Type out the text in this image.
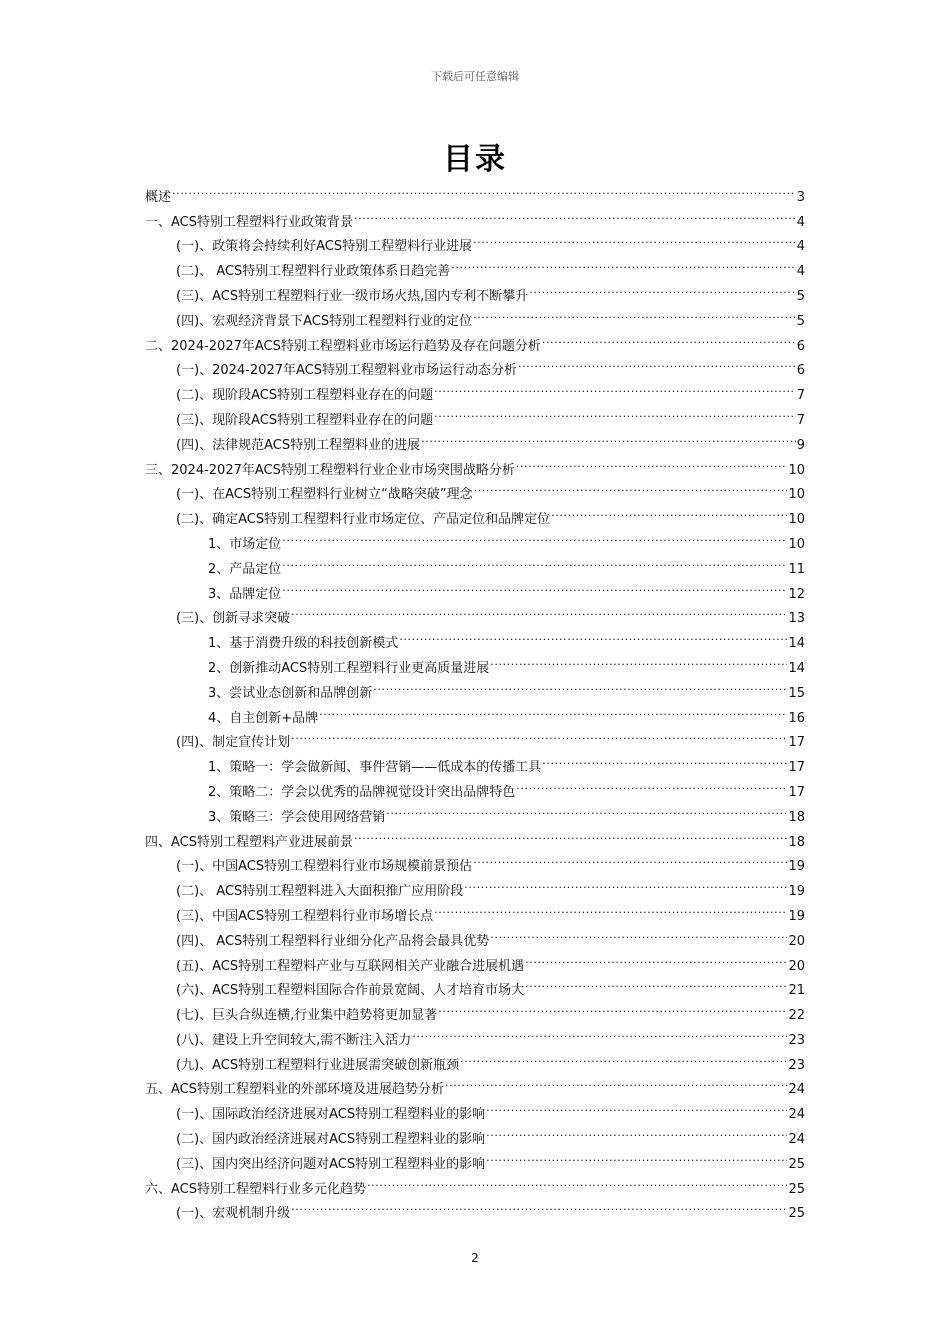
下载后可任意编辑
目录
概述 .....	3
一、ACS特别工程塑料行业政策背景 .....	4
(一)、政策将会持续利好ACS特别工程塑料行业进展 .....	4
(二)、 ACS特别工程塑料行业政策体系日趋完善 .....	4
(三)、ACS特别工程塑料行业一级市场火热,国内专利不断攀升 .....	5
(四)、宏观经济背景下ACS特别工程塑料行业的定位 .....	5
二、2024-2027年ACS特别工程塑料业市场运行趋势及存在问题分析 .....	6
(一)、2024-2027年ACS特别工程塑料业市场运行动态分析 .....	6
(二)、现阶段ACS特别工程塑料业存在的问题 .....	7
(三)、现阶段ACS特别工程塑料业存在的问题 .....	7
(四)、法律规范ACS特别工程塑料业的进展 .....	9
三、2024-2027年ACS特别工程塑料行业企业市场突围战略分析 .....	10
(一)、在ACS特别工程塑料行业树立“战略突破”理念 .....	10
(二)、确定ACS特别工程塑料行业市场定位、产品定位和品牌定位 .....	10
1、市场定位 .....	10
2、产品定位 .....	11
3、品牌定位 .....	12
(三)、创新寻求突破 .....	13
1、基于消费升级的科技创新模式 .....	14
2、创新推动ACS特别工程塑料行业更高质量进展 .....	14
3、尝试业态创新和品牌创新 .....	15
4、自主创新+品牌 .....	16
(四)、制定宣传计划 .....	17
1、策略一：学会做新闻、事件营销——低成本的传播工具 .....	17
2、策略二：学会以优秀的品牌视觉设计突出品牌特色 .....	17
3、策略三：学会使用网络营销 .....	18
四、ACS特别工程塑料产业进展前景 .....	18
(一)、中国ACS特别工程塑料行业市场规模前景预估 .....	19
(二)、 ACS特别工程塑料进入大面积推广应用阶段 .....	19
(三)、中国ACS特别工程塑料行业市场增长点 .....	19
(四)、 ACS特别工程塑料行业细分化产品将会最具优势 .....	20
(五)、ACS特别工程塑料产业与互联网相关产业融合进展机遇 .....	20
(六)、ACS特别工程塑料国际合作前景宽阔、人才培育市场大 .....	21
(七)、巨头合纵连横,行业集中趋势将更加显著 .....	22
(八)、建设上升空间较大,需不断注入活力 .....	23
(九)、ACS特别工程塑料行业进展需突破创新瓶颈 .....	23
五、ACS特别工程塑料业的外部环境及进展趋势分析 .....	24
(一)、国际政治经济进展对ACS特别工程塑料业的影响 .....	24
(二)、国内政治经济进展对ACS特别工程塑料业的影响 .....	24
(三)、国内突出经济问题对ACS特别工程塑料业的影响 .....	25
六、ACS特别工程塑料行业多元化趋势 .....	25
(一)、宏观机制升级 .....	25
2
